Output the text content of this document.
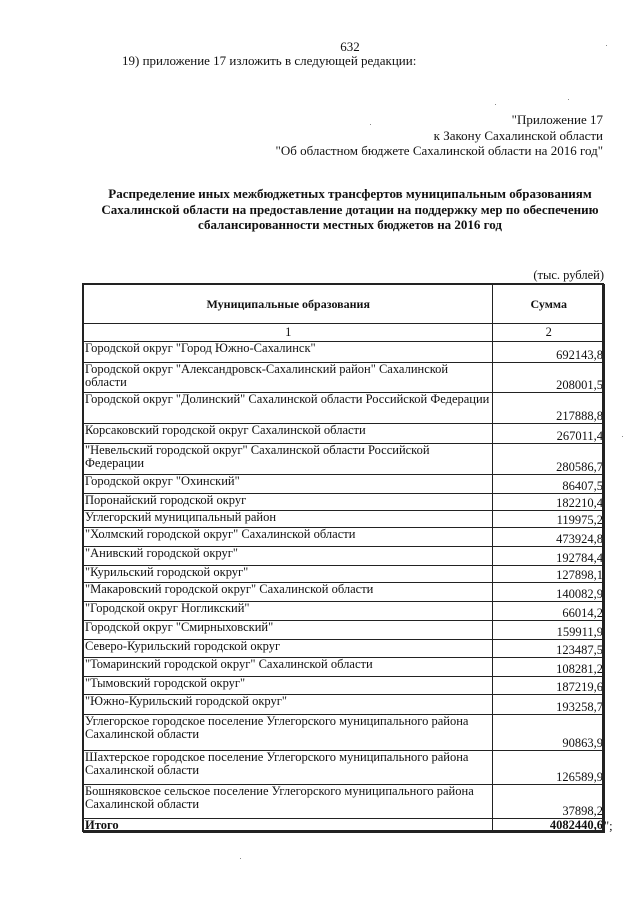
632
19) приложение 17 изложить в следующей редакции:
"Приложение 17
к Закону Сахалинской области
"Об областном бюджете Сахалинской области на 2016 год"
Распределение иных межбюджетных трансфертов муниципальным образованиям
Сахалинской области на предоставление дотации на поддержку мер по обеспечению
сбалансированности местных бюджетов на 2016 год
(тыс. рублей)
Муниципальные образования	Сумма
1	2
Городской округ "Город Южно-Сахалинск"	692143,8
Городской округ "Александровск-Сахалинский район" Сахалинской области	208001,5
Городской округ "Долинский" Сахалинской области Российской Федерации	217888,8
Корсаковский городской округ Сахалинской области	267011,4
"Невельский городской округ" Сахалинской области Российской Федерации	280586,7
Городской округ "Охинский"	86407,5
Поронайский городской округ	182210,4
Углегорский муниципальный район	119975,2
"Холмский городской округ" Сахалинской области	473924,8
"Анивский городской округ"	192784,4
"Курильский городской округ"	127898,1
"Макаровский городской округ" Сахалинской области	140082,9
"Городской округ Ногликский"	66014,2
Городской округ "Смирныховский"	159911,9
Северо-Курильский городской округ	123487,5
"Томаринский городской округ" Сахалинской области	108281,2
"Тымовский городской округ"	187219,6
"Южно-Курильский городской округ"	193258,7
Углегорское городское поселение Углегорского муниципального района Сахалинской области	90863,9
Шахтерское городское поселение Углегорского муниципального района Сахалинской области	126589,9
Бошняковское сельское поселение Углегорского муниципального района Сахалинской области	37898,2
Итого	4082440,6 ";
